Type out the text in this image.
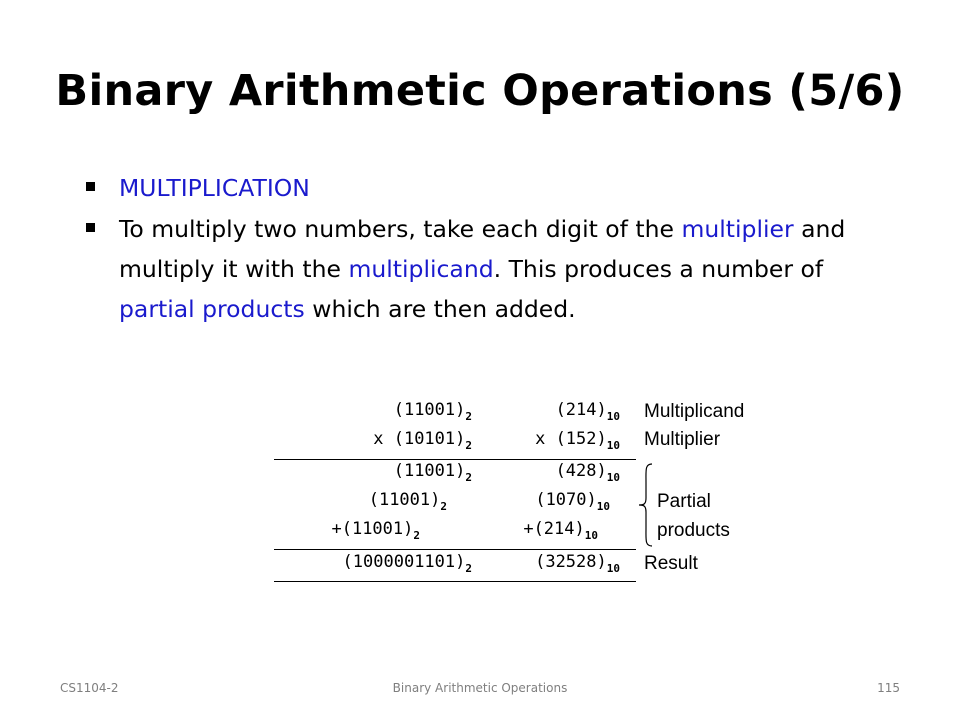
Binary Arithmetic Operations (5/6)
MULTIPLICATION
To multiply two numbers, take each digit of the multiplier and multiply it with the multiplicand. This produces a number of partial products which are then added.
$(11001)_2$
x $(10101)_2$
$(11001)_2$
$(11001)_2$
$+(11001)_2$
$(1000001101)_2$
$(214)_{10}$
x $(152)_{10}$
$(428)_{10}$
$(1070)_{10}$
$+(214)_{10}$
$(32528)_{10}$
Multiplicand
Multiplier
Partial
products
Result
CS1104-2	Binary Arithmetic Operations	115
